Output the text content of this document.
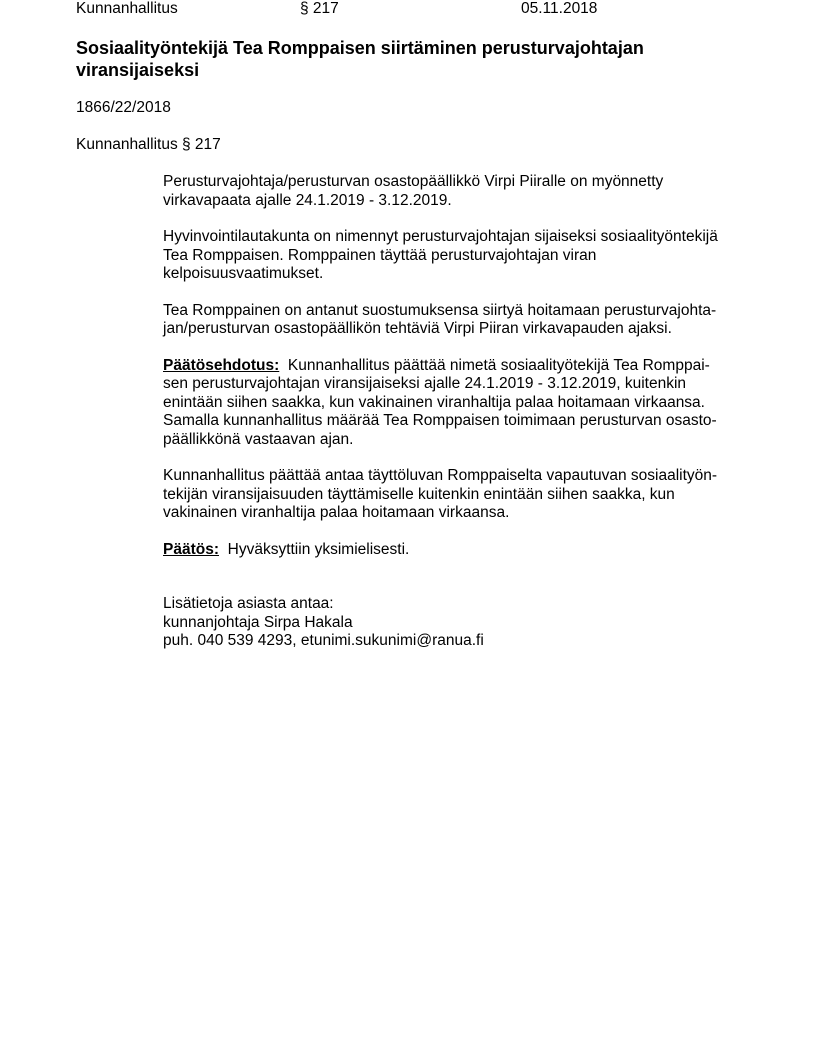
Kunnanhallitus	§ 217	05.11.2018
Sosiaalityöntekijä Tea Romppaisen siirtäminen perusturvajohtajan viransijaiseksi
1866/22/2018
Kunnanhallitus § 217

Perusturvajohtaja/perusturvan osastopäällikkö Virpi Piiralle on myönnetty
virkavapaata ajalle 24.1.2019 - 3.12.2019.

Hyvinvointilautakunta on nimennyt perusturvajohtajan sijaiseksi sosiaalityöntekijä
Tea Romppaisen. Romppainen täyttää perusturvajohtajan viran
kelpoisuusvaatimukset.

Tea Romppainen on antanut suostumuksensa siirtyä hoitamaan perusturvajohta-
jan/perusturvan osastopäällikön tehtäviä Virpi Piiran virkavapauden ajaksi.

Päätösehdotus: Kunnanhallitus päättää nimetä sosiaalityötekijä Tea Romppai-
sen perusturvajohtajan viransijaiseksi ajalle 24.1.2019 - 3.12.2019, kuitenkin
enintään siihen saakka, kun vakinainen viranhaltija palaa hoitamaan virkaansa.
Samalla kunnanhallitus määrää Tea Romppaisen toimimaan perusturvan osasto-
päällikkönä vastaavan ajan.

Kunnanhallitus päättää antaa täyttöluvan Romppaiselta vapautuvan sosiaalityön-
tekijän viransijaisuuden täyttämiselle kuitenkin enintään siihen saakka, kun
vakinainen viranhaltija palaa hoitamaan virkaansa.

Päätös: Hyväksyttiin yksimielisesti.

Lisätietoja asiasta antaa:

kunnanjohtaja Sirpa Hakala

puh. 040 539 4293, etunimi.sukunimi@ranua.fi
